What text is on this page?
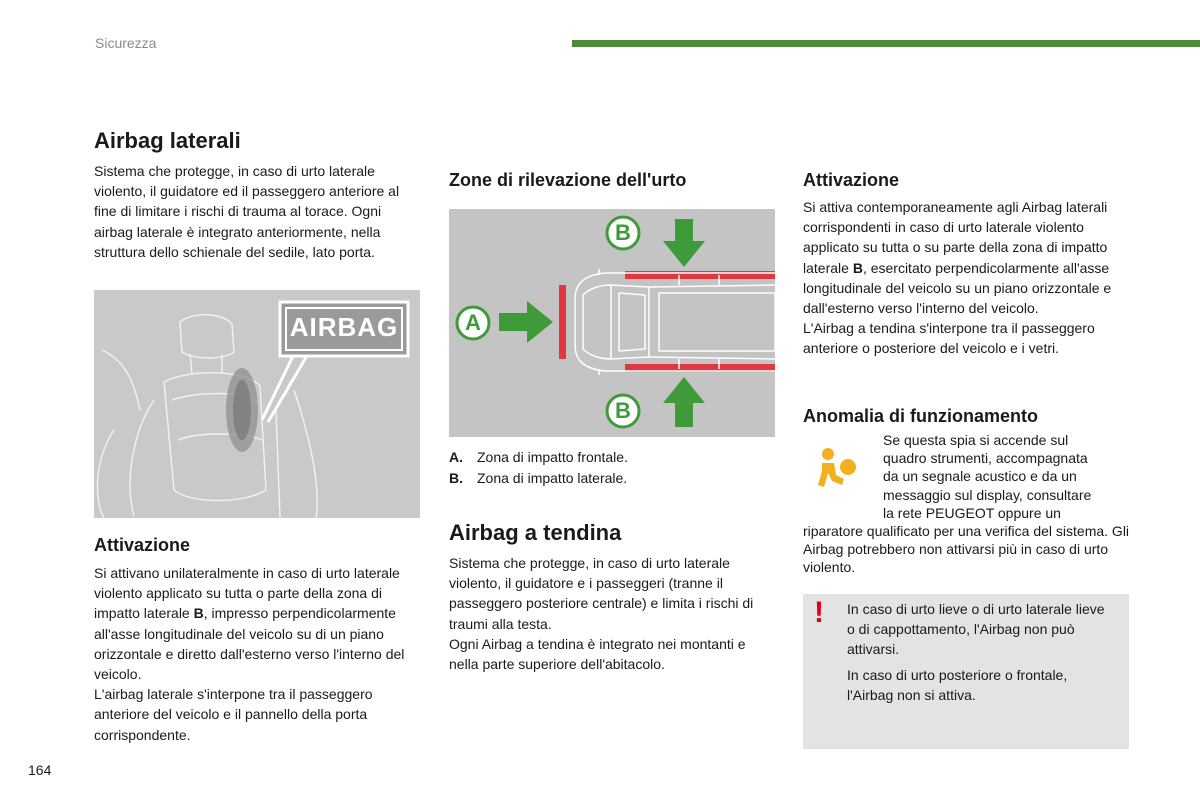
Sicurezza
Airbag laterali
Sistema che protegge, in caso di urto laterale violento, il guidatore ed il passeggero anteriore al fine di limitare i rischi di trauma al torace. Ogni airbag laterale è integrato anteriormente, nella struttura dello schienale del sedile, lato porta.
AIRBAG
Attivazione
Si attivano unilateralmente in caso di urto laterale violento applicato su tutta o parte della zona di impatto laterale B, impresso perpendicolarmente all'asse longitudinale del veicolo su di un piano orizzontale e diretto dall'esterno verso l'interno del veicolo.
L'airbag laterale s'interpone tra il passeggero anteriore del veicolo e il pannello della porta corrispondente.
Zone di rilevazione dell'urto
A
B
B
A. Zona di impatto frontale.
B. Zona di impatto laterale.
Airbag a tendina
Sistema che protegge, in caso di urto laterale violento, il guidatore e i passeggeri (tranne il passeggero posteriore centrale) e limita i rischi di traumi alla testa.
Ogni Airbag a tendina è integrato nei montanti e nella parte superiore dell'abitacolo.
Attivazione
Si attiva contemporaneamente agli Airbag laterali corrispondenti in caso di urto laterale violento applicato su tutta o su parte della zona di impatto laterale B, esercitato perpendicolarmente all'asse longitudinale del veicolo su un piano orizzontale e dall'esterno verso l'interno del veicolo.
L'Airbag a tendina s'interpone tra il passeggero anteriore o posteriore del veicolo e i vetri.
Anomalia di funzionamento
Se questa spia si accende sul
quadro strumenti, accompagnata
da un segnale acustico e da un
messaggio sul display, consultare
la rete PEUGEOT oppure un
riparatore qualificato per una verifica del sistema. Gli Airbag potrebbero non attivarsi più in caso di urto violento.
! In caso di urto lieve o di urto laterale lieve o di cappottamento, l'Airbag non può attivarsi.
In caso di urto posteriore o frontale, l'Airbag non si attiva.
164
